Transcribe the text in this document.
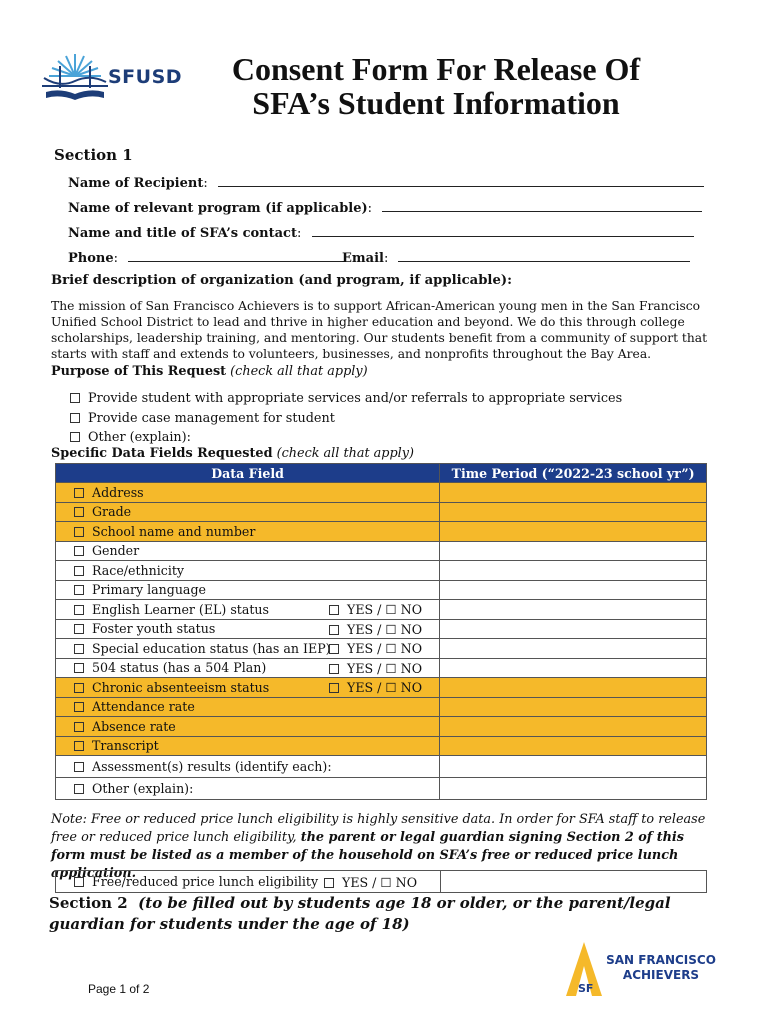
SFUSD	Consent Form For Release Of
SFA’s Student Information
Section 1
Name of Recipient:
Name of relevant program (if applicable):
Name and title of SFA’s contact:
Phone:	Email:
Brief description of organization (and program, if applicable):
The mission of San Francisco Achievers is to support African-American young men in the San Francisco Unified School District to lead and thrive in higher education and beyond. We do this through college scholarships, leadership training, and mentoring. Our students benefit from a community of support that starts with staff and extends to volunteers, businesses, and nonprofits throughout the Bay Area.
Purpose of This Request (check all that apply)
Provide student with appropriate services and/or referrals to appropriate services
Provide case management for student
Other (explain):
Specific Data Fields Requested (check all that apply)
Data Field	Time Period (“2022-23 school yr”)
Address	
Grade	
School name and number	
Gender	
Race/ethnicity	
Primary language	
English Learner (EL) status YES / ☐ NO	

Foster youth status YES / ☐ NO	

Special education status (has an IEP) YES / ☐ NO	

504 status (has a 504 Plan) YES / ☐ NO	

Chronic absenteeism status YES / ☐ NO	

Attendance rate	
Absence rate	
Transcript	
Assessment(s) results (identify each):	
Other (explain):	
Note: Free or reduced price lunch eligibility is highly sensitive data. In order for SFA staff to release free or reduced price lunch eligibility, the parent or legal guardian signing Section 2 of this form must be listed as a member of the household on SFA’s free or reduced price lunch application.
Free/reduced price lunch eligibility	YES / ☐ NO

Section 2 (to be filled out by students age 18 or older, or the parent/legal guardian for students under the age of 18)
Page 1 of 2	SF
SAN FRANCISCO
ACHIEVERS
